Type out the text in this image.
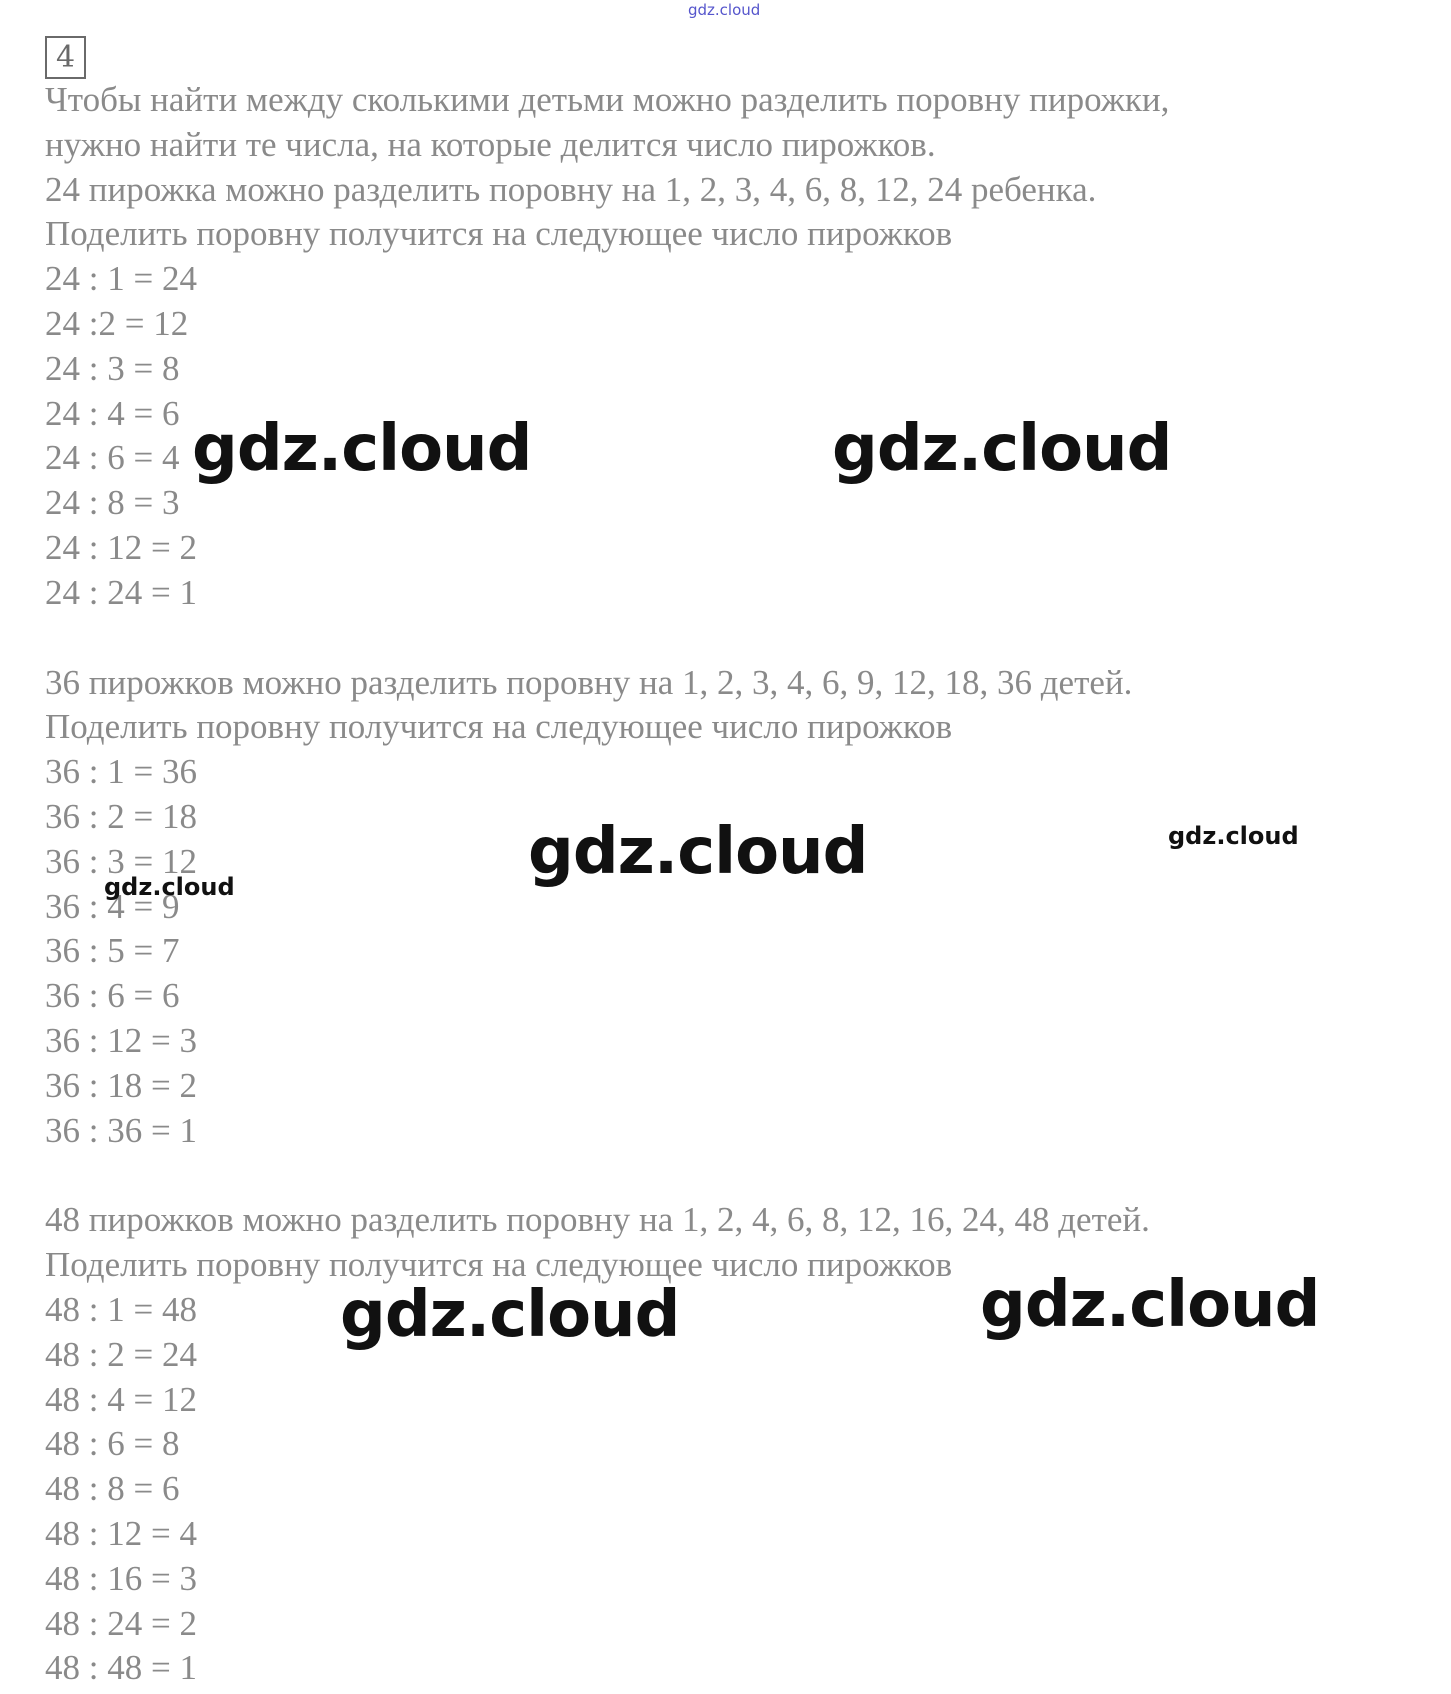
gdz.cloud
4
Чтобы найти между сколькими детьми можно разделить поровну пирожки,
нужно найти те числа, на которые делится число пирожков.
24 пирожка можно разделить поровну на 1, 2, 3, 4, 6, 8, 12, 24 ребенка.
Поделить поровну получится на следующее число пирожков
24 : 1 = 24
24 :2 = 12
24 : 3 = 8
24 : 4 = 6
24 : 6 = 4
24 : 8 = 3
24 : 12 = 2
24 : 24 = 1
36 пирожков можно разделить поровну на 1, 2, 3, 4, 6, 9, 12, 18, 36 детей.
Поделить поровну получится на следующее число пирожков
36 : 1 = 36
36 : 2 = 18
36 : 3 = 12
36 : 4 = 9
36 : 5 = 7
36 : 6 = 6
36 : 12 = 3
36 : 18 = 2
36 : 36 = 1
48 пирожков можно разделить поровну на 1, 2, 4, 6, 8, 12, 16, 24, 48 детей.
Поделить поровну получится на следующее число пирожков
48 : 1 = 48
48 : 2 = 24
48 : 4 = 12
48 : 6 = 8
48 : 8 = 6
48 : 12 = 4
48 : 16 = 3
48 : 24 = 2
48 : 48 = 1
gdz.cloud	gdz.cloud
gdz.cloud	gdz.cloud
gdz.cloud
gdz.cloud	gdz.cloud
